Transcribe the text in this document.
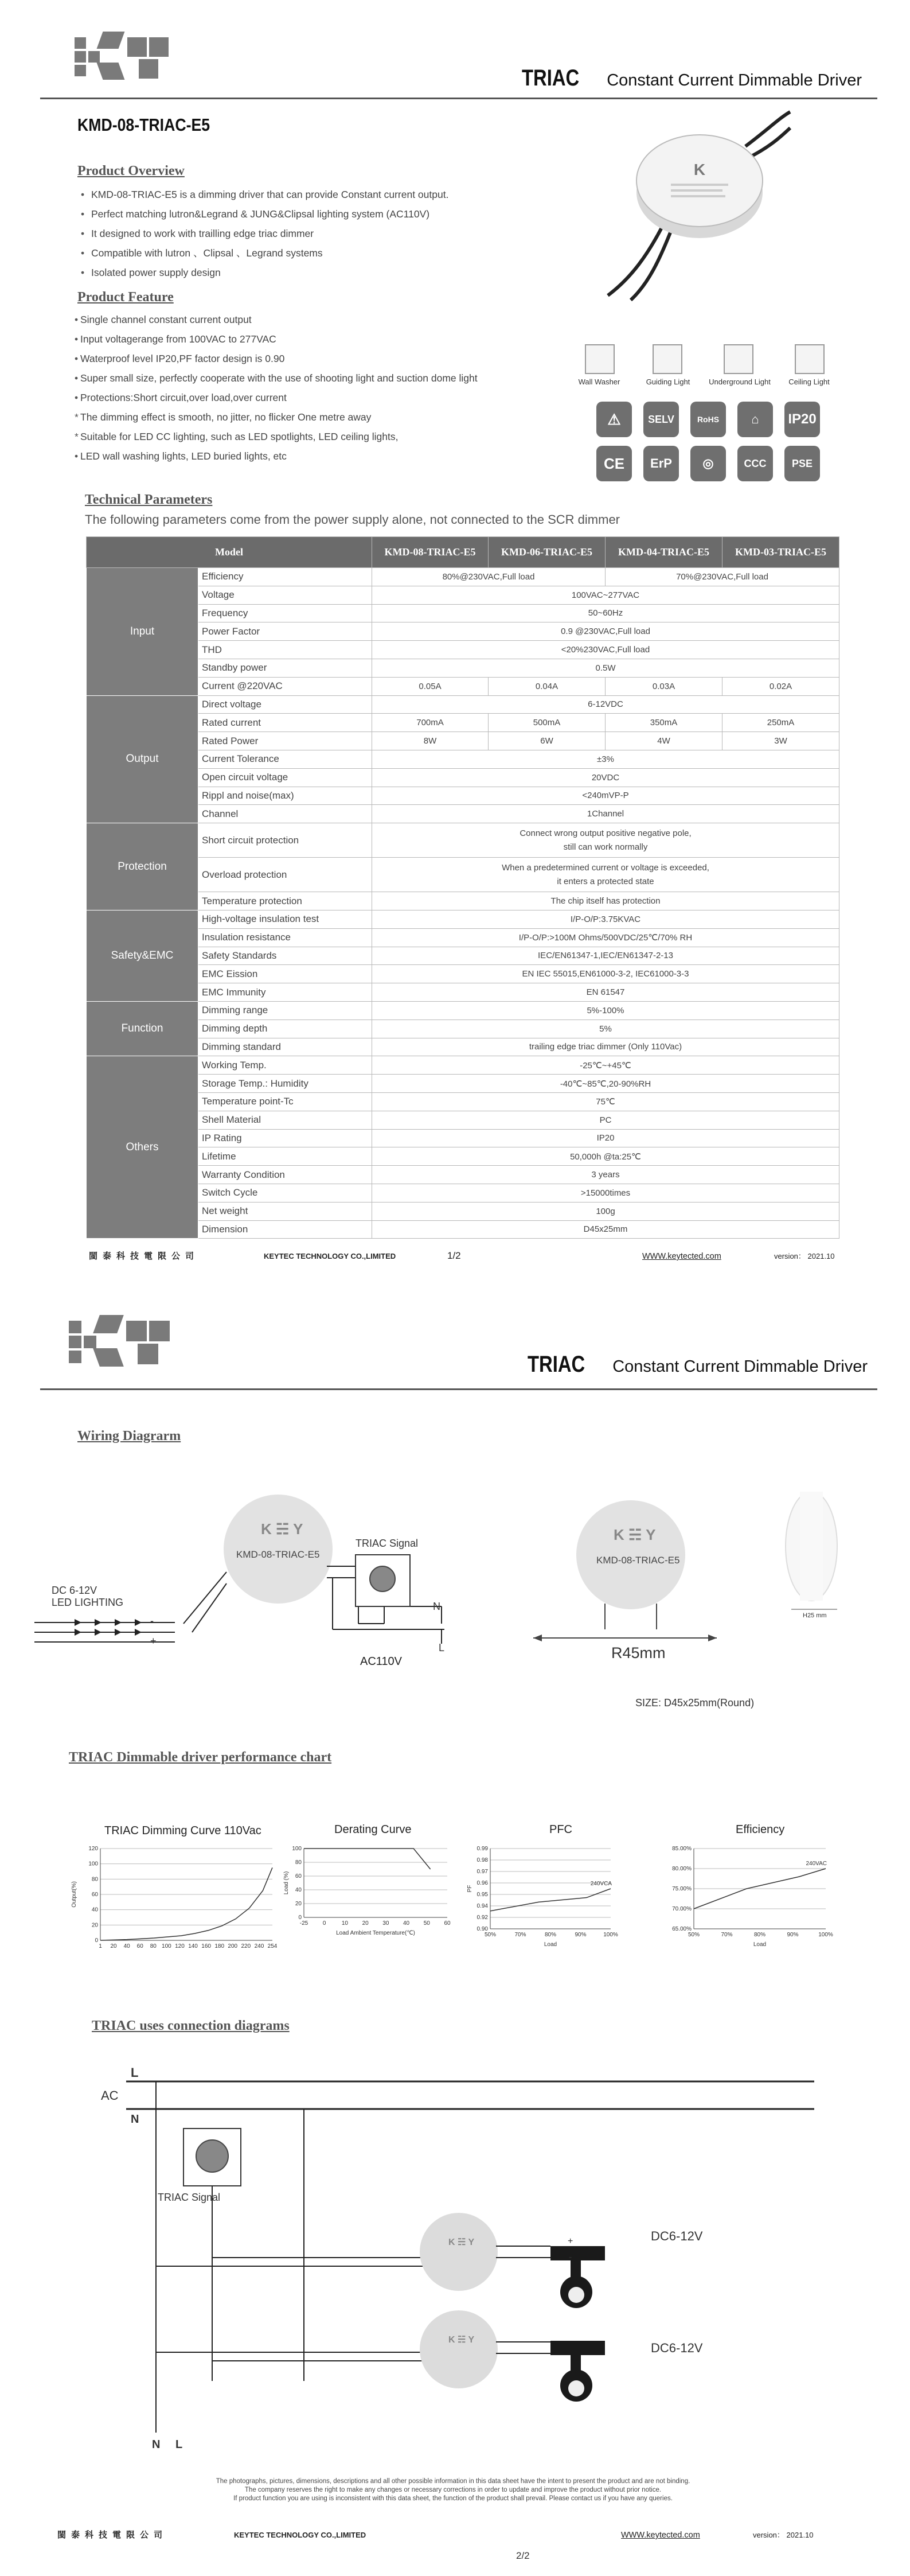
TRIAC Constant Current Dimmable Driver
KMD-08-TRIAC-E5
K
Product Overview
• KMD-08-TRIAC-E5 is a dimming driver that can provide Constant current output.
• Perfect matching lutron&Legrand & JUNG&Clipsal lighting system (AC110V)
• It designed to work with trailling edge triac dimmer
• Compatible with lutron 、Clipsal 、Legrand systems
• Isolated power supply design
Product Feature
• Single channel constant current output
• Input voltagerange from 100VAC to 277VAC
• Waterproof level IP20,PF factor design is 0.90
• Super small size, perfectly cooperate with the use of shooting light and suction dome light
• Protections:Short circuit,over load,over current
* The dimming effect is smooth, no jitter, no flicker One metre away
* Suitable for LED CC lighting, such as LED spotlights, LED ceiling lights,
• LED wall washing lights, LED buried lights, etc
Wall Washer	Guiding Light	Underground Light	Ceiling Light
⚠	SELV	RoHS	⌂ IP20
CE	ErP	◎	CCC	PSE
Technical Parameters
The following parameters come from the power supply alone, not connected to the SCR dimmer
Model		KMD-08-TRIAC-E5	KMD-06-TRIAC-E5	KMD-04-TRIAC-E5	KMD-03-TRIAC-E5
Input	Efficiency	80%@230VAC,Full load		70%@230VAC,Full load	
	Voltage	100VAC~277VAC			
	Frequency	50~60Hz			
	Power Factor	0.9 @230VAC,Full load			
	THD	<20%230VAC,Full load			
	Standby power	0.5W			
	Current @220VAC	0.05A	0.04A	0.03A	0.02A
Output	Direct voltage	6-12VDC			
	Rated current	700mA	500mA	350mA	250mA
	Rated Power	8W	6W	4W	3W
	Current Tolerance	±3%			
	Open circuit voltage	20VDC			
	Rippl and noise(max)	<240mVP-P			
	Channel	1Channel			
Protection	Short circuit protection	Connect wrong output positive negative pole,
still can work normally			
	Overload protection	When a predetermined current or voltage is exceeded,
it enters a protected state			
	Temperature protection	The chip itself has protection			
Safety&EMC	High-voltage insulation test	I/P-O/P:3.75KVAC			
	Insulation resistance	I/P-O/P:>100M Ohms/500VDC/25℃/70% RH			
	Safety Standards	IEC/EN61347-1,IEC/EN61347-2-13			
	EMC Eission	EN IEC 55015,EN61000-3-2, IEC61000-3-3			
	EMC Immunity	EN 61547			
Function	Dimming range	5%-100%			
	Dimming depth	5%			
	Dimming standard	trailing edge triac dimmer (Only 110Vac)			
Others	Working Temp.	-25℃~+45℃			
	Storage Temp.: Humidity	-40℃~85℃,20-90%RH			
	Temperature point-Tc	75℃			
	Shell Material	PC			
	IP Rating	IP20			
	Lifetime	50,000h @ta:25℃			
	Warranty Condition	3 years			
	Switch Cycle	>15000times			
	Net weight	100g			
	Dimension	D45x25mm			
閩泰科技電限公司	KEYTEC TECHNOLOGY CO.,LIMITED	1/2	WWW.keytected.com	version： 2021.10
TRIAC Constant Current Dimmable Driver
Wiring Diagrarm
K ☵ Y
KMD-08-TRIAC-E5
TRIAC Signal
DC 6-12V
LED LIGHTING
-
+
N
L
AC110V
K ☵ Y
KMD-08-TRIAC-E5
R45mm
H25 mm
SIZE: D45x25mm(Round)
TRIAC Dimmable driver performance chart
TRIAC Dimming Curve 110Vac	Derating Curve	PFC	Efficiency
0
20
40
60
80
100
120
1 20 40 60 80 100 120 140 160 180 200 220 240 254
Output(%)
0
20
40
60
80
100
-25	0	10 20 30 40 50 60
Load (%)
Load Ambient Temperature(℃)
0.90
0.92
0.94
0.95
0.96
0.97
0.98
0.99
50%	70%	80%	90%	100%
240VCA
PF
Load
65.00%
70.00%
75.00%
80.00%
85.00%
50%	70%	80%	90%	100%
240VAC
Load
TRIAC uses connection diagrams
L
AC
N
TRIAC Signal
K ☵ Y
K ☵ Y
DC6-12V
DC6-12V
+
-
N L
The photographs, pictures, dimensions, descriptions and all other possible information in this data sheet have the intent to present the product and are not binding.
The company reserves the right to make any changes or necessary corrections in order to update and improve the product without prior notice.
If product function you are using is inconsistent with this data sheet, the function of the product shall prevail. Please contact us if you have any queries.
閩泰科技電限公司	KEYTEC TECHNOLOGY CO.,LIMITED	WWW.keytected.com	version： 2021.10
2/2
